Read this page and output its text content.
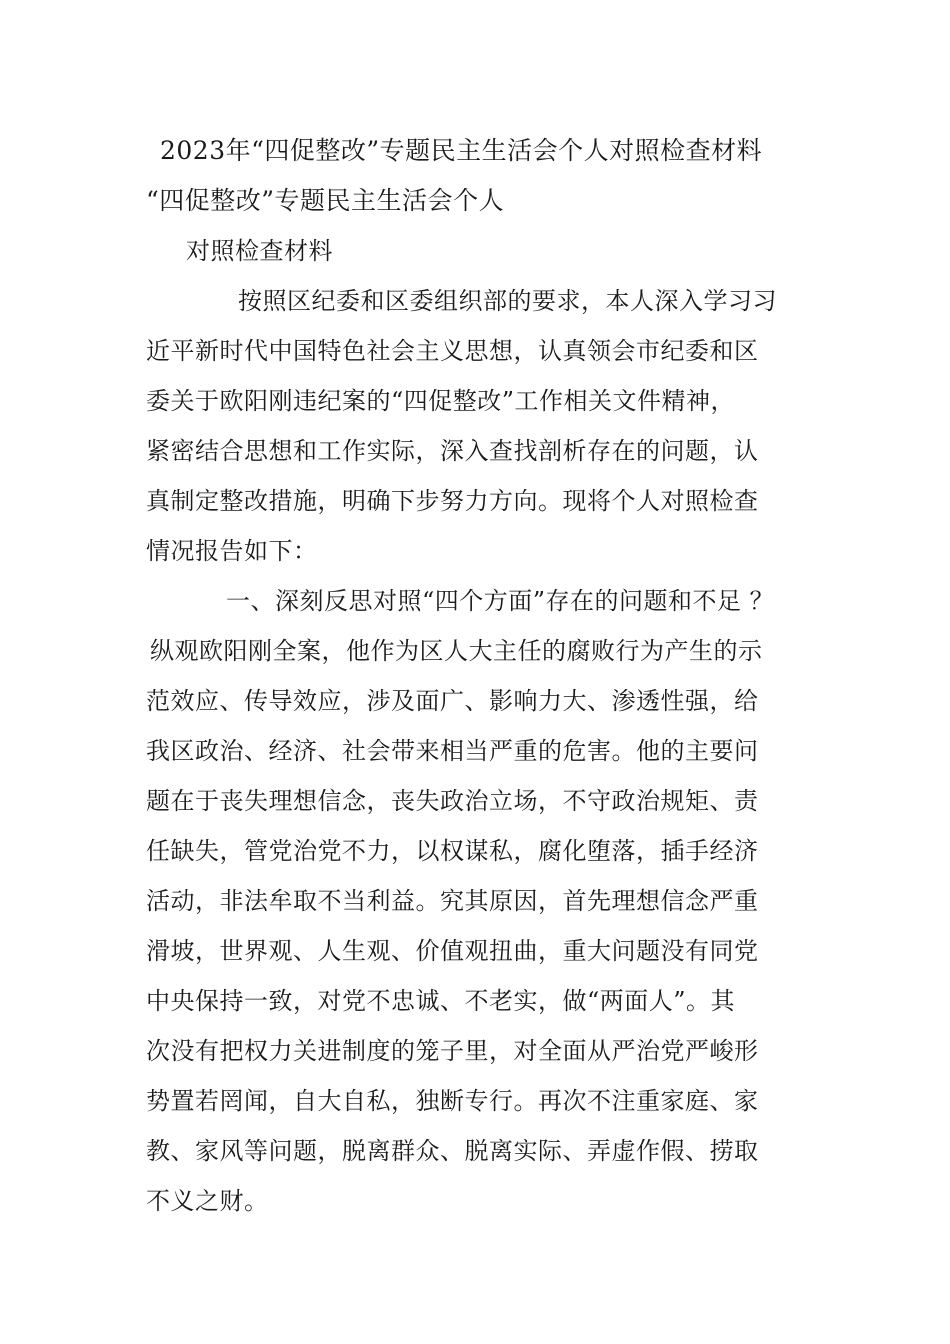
2023年“四促整改”专题民主生活会个人对照检查材料
“四促整改”专题民主生活会个人
对照检查材料
按照区纪委和区委组织部的要求，本人深入学习习
近平新时代中国特色社会主义思想，认真领会市纪委和区
委关于欧阳刚违纪案的“四促整改”工作相关文件精神，
紧密结合思想和工作实际，深入查找剖析存在的问题，认
真制定整改措施，明确下步努力方向。现将个人对照检查
情况报告如下：
一、深刻反思对照“四个方面”存在的问题和不足 ？
纵观欧阳刚全案，他作为区人大主任的腐败行为产生的示
范效应、传导效应，涉及面广、影响力大、渗透性强，给
我区政治、经济、社会带来相当严重的危害。他的主要问
题在于丧失理想信念，丧失政治立场，不守政治规矩、责
任缺失，管党治党不力，以权谋私，腐化堕落，插手经济
活动，非法牟取不当利益。究其原因，首先理想信念严重
滑坡，世界观、人生观、价值观扭曲，重大问题没有同党
中央保持一致，对党不忠诚、不老实，做“两面人”。其
次没有把权力关进制度的笼子里，对全面从严治党严峻形
势置若罔闻，自大自私，独断专行。再次不注重家庭、家
教、家风等问题，脱离群众、脱离实际、弄虚作假、捞取
不义之财。
